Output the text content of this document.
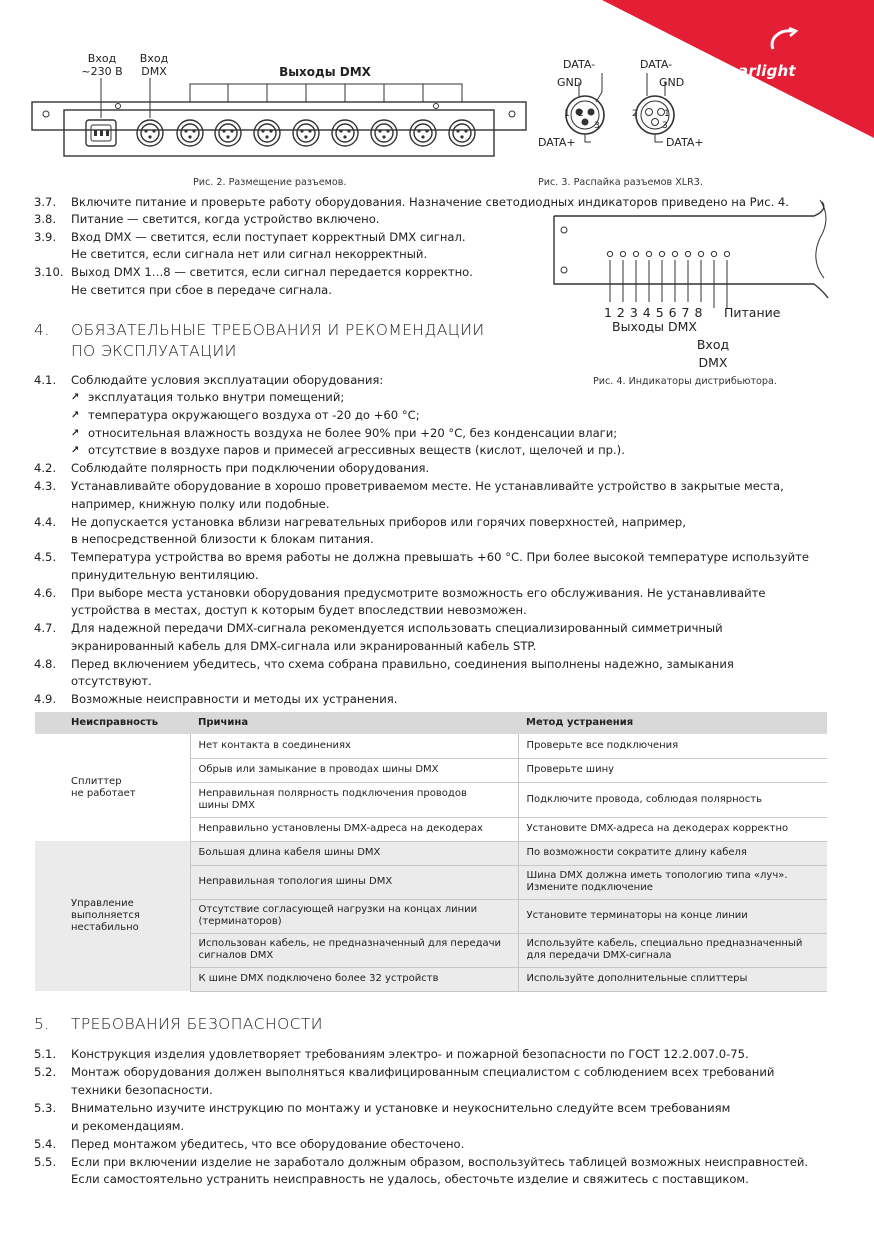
arlight
Вход
~230 В
Вход
DMX	Выходы DMX
Рис. 2. Размещение разъемов.
DATA-
GND
DATA+
DATA-
GND
DATA+
1 2
3
2	1
3
Рис. 3. Распайка разъемов XLR3.
1 2 3 4 5 6 7 8 Питание
Выходы DMX
Вход
DMX
Рис. 4. Индикаторы дистрибьютора.
3.7. Включите питание и проверьте работу оборудования. Назначение светодиодных индикаторов приведено на Рис. 4.
3.8. Питание — светится, когда устройство включено.
3.9. Вход DMX — светится, если поступает корректный DMX сигнал.
Не светится, если сигнала нет или сигнал некорректный.
3.10. Выход DMX 1…8 — светится, если сигнал передается корректно.
Не светится при сбое в передаче сигнала.
4. ОБЯЗАТЕЛЬНЫЕ ТРЕБОВАНИЯ И РЕКОМЕНДАЦИИ
ПО ЭКСПЛУАТАЦИИ
4.1. Соблюдайте условия эксплуатации оборудования:
↗ эксплуатация только внутри помещений;
↗ температура окружающего воздуха от -20 до +60 °C;
↗ относительная влажность воздуха не более 90% при +20 °C, без конденсации влаги;
↗ отсутствие в воздухе паров и примесей агрессивных веществ (кислот, щелочей и пр.).
4.2. Соблюдайте полярность при подключении оборудования.
4.3. Устанавливайте оборудование в хорошо проветриваемом месте. Не устанавливайте устройство в закрытые места,
например, книжную полку или подобные.
4.4. Не допускается установка вблизи нагревательных приборов или горячих поверхностей, например,
в непосредственной близости к блокам питания.
4.5. Температура устройства во время работы не должна превышать +60 °C. При более высокой температуре используйте
принудительную вентиляцию.
4.6. При выборе места установки оборудования предусмотрите возможность его обслуживания. Не устанавливайте
устройства в местах, доступ к которым будет впоследствии невозможен.
4.7. Для надежной передачи DMX-сигнала рекомендуется использовать специализированный симметричный
экранированный кабель для DMX-сигнала или экранированный кабель STP.
4.8. Перед включением убедитесь, что схема собрана правильно, соединения выполнены надежно, замыкания
отсутствуют.
4.9. Возможные неисправности и методы их устранения.
Неисправность	Причина	Метод устранения
Сплиттер
не работает	Нет контакта в соединениях	Проверьте все подключения
	Обрыв или замыкание в проводах шины DMX	Проверьте шину
	Неправильная полярность подключения проводов
шины DMX	Подключите провода, соблюдая полярность
	Неправильно установлены DMX-адреса на декодерах	Установите DMX-адреса на декодерах корректно
Управление
выполняется
нестабильно	Большая длина кабеля шины DMX	По возможности сократите длину кабеля
	Неправильная топология шины DMX	Шина DMX должна иметь топологию типа «луч».
Измените подключение
	Отсутствие согласующей нагрузки на концах линии
(терминаторов)	Установите терминаторы на конце линии
	Использован кабель, не предназначенный для передачи
сигналов DMX	Используйте кабель, специально предназначенный
для передачи DMX-сигнала
	К шине DMX подключено более 32 устройств	Используйте дополнительные сплиттеры
5. ТРЕБОВАНИЯ БЕЗОПАСНОСТИ
5.1. Конструкция изделия удовлетворяет требованиям электро- и пожарной безопасности по ГОСТ 12.2.007.0-75.
5.2. Монтаж оборудования должен выполняться квалифицированным специалистом с соблюдением всех требований
техники безопасности.
5.3. Внимательно изучите инструкцию по монтажу и установке и неукоснительно следуйте всем требованиям
и рекомендациям.
5.4. Перед монтажом убедитесь, что все оборудование обесточено.
5.5. Если при включении изделие не заработало должным образом, воспользуйтесь таблицей возможных неисправностей.
Если самостоятельно устранить неисправность не удалось, обесточьте изделие и свяжитесь с поставщиком.
